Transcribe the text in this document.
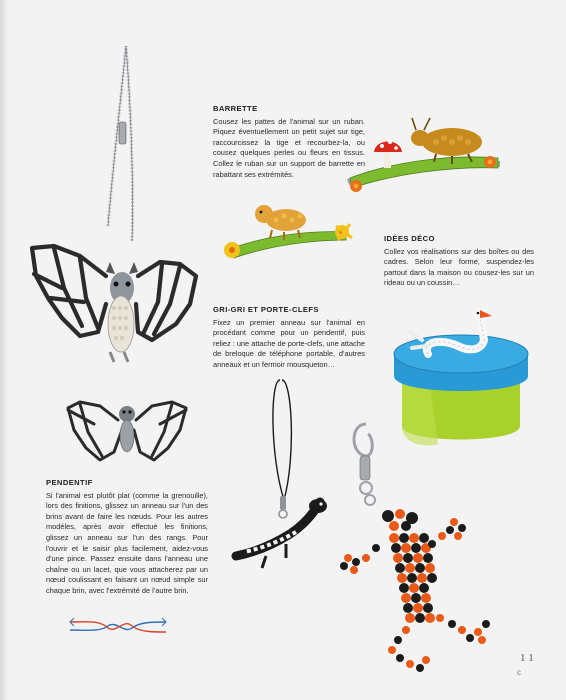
BARRETTE

Cousez les pattes de l'animal sur un ruban. Piquez éventuellement un petit sujet sur tige, raccourcissez la tige et recourbez-la, ou cousez quelques perles ou fleurs en tissus. Collez le ruban sur un support de barrette en rabattant ses extrémités.

IDÉES DÉCO

Collez vos réalisations sur des boîtes ou des cadres. Selon leur forme, suspendez-les partout dans la maison ou cousez-les sur un rideau ou un coussin…

GRI-GRI ET PORTE-CLEFS

Fixez un premier anneau sur l'animal en procédant comme pour un pendentif, puis reliez : une attache de porte-clefs, une attache de breloque de téléphone portable, d'autres anneaux et un fermoir mousqueton…

PENDENTIF

Si l'animal est plutôt plat (comme la grenouille), lors des finitions, glissez un anneau sur l'un des brins avant de faire les nœuds. Pour les autres modèles, après avoir effectué les finitions, glissez un anneau sur l'un des rangs. Pour l'ouvrir et le saisir plus facilement, aidez-vous d'une pince. Passez ensuite dans l'anneau une chaîne ou un lacet, que vous attacherez par un nœud coulissant en faisant un nœud simple sur chaque brin, avec l'extrémité de l'autre brin.

1 1
c
